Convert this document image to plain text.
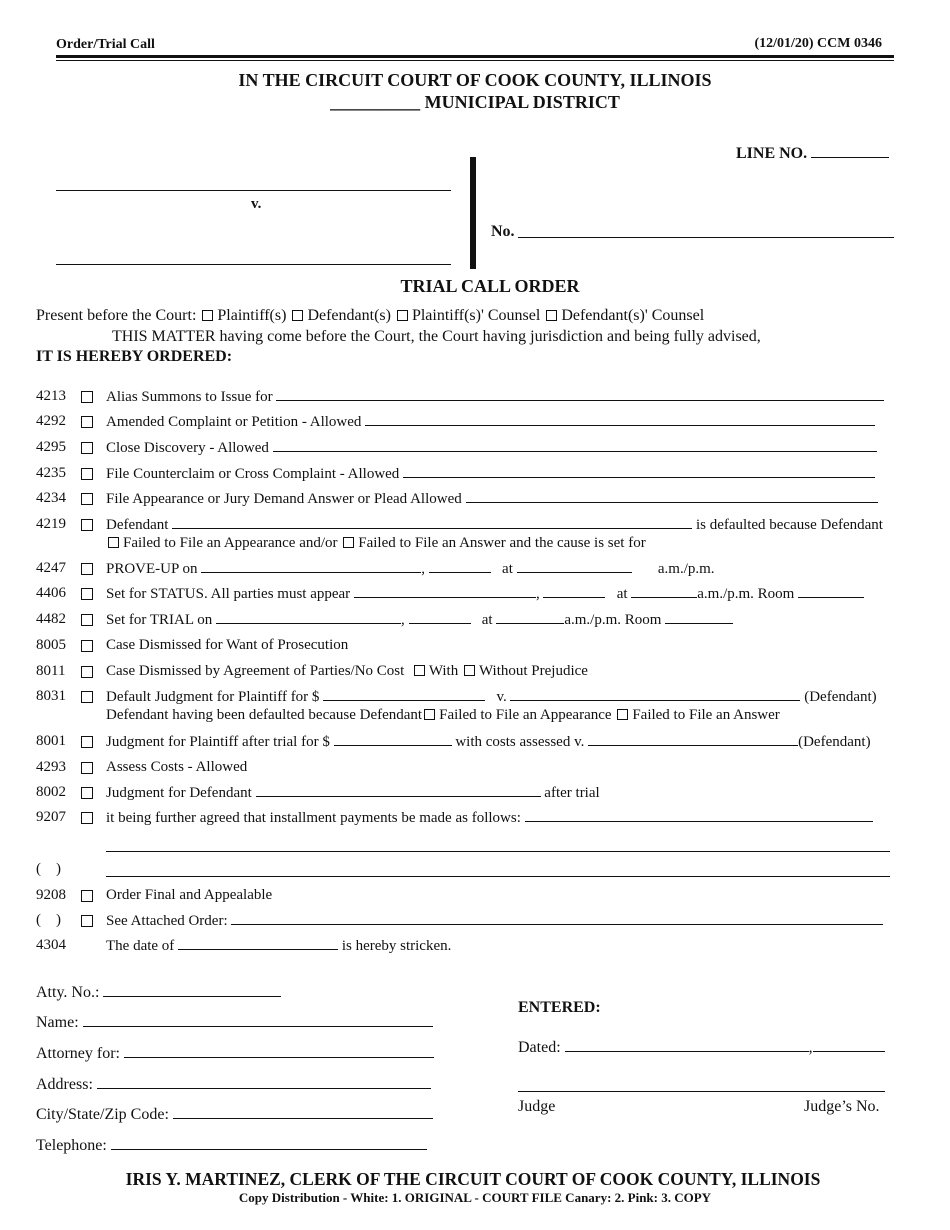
Order/Trial Call	(12/01/20) CCM 0346
IN THE CIRCUIT COURT OF COOK COUNTY, ILLINOIS
__________ MUNICIPAL DISTRICT
LINE NO.
v.
No.
TRIAL CALL ORDER
Present before the Court: Plaintiff(s) Defendant(s) Plaintiff(s)' Counsel Defendant(s)' Counsel
THIS MATTER having come before the Court, the Court having jurisdiction and being fully advised,
IT IS HEREBY ORDERED:
4213	Alias Summons to Issue for
4292	Amended Complaint or Petition - Allowed
4295	Close Discovery - Allowed
4235	File Counterclaim or Cross Complaint - Allowed
4234	File Appearance or Jury Demand Answer or Plead Allowed
4219	Defendant	is defaulted because Defendant
Failed to File an Appearance and/or Failed to File an Answer and the cause is set for
4247	PROVE-UP on	,	at	a.m./p.m.
4406	Set for STATUS. All parties must appear	,	at	a.m./p.m. Room
4482	Set for TRIAL on	,	at	a.m./p.m. Room
8005	Case Dismissed for Want of Prosecution
8011	Case Dismissed by Agreement of Parties/No Cost With Without Prejudice
8031	Default Judgment for Plaintiff for $	v.	(Defendant)
Defendant having been defaulted because Defendant Failed to File an Appearance Failed to File an Answer
8001	Judgment for Plaintiff after trial for $	with costs assessed v.	(Defendant)
4293	Assess Costs - Allowed
8002	Judgment for Defendant	after trial
9207	it being further agreed that installment payments be made as follows:
(    )
9208	Order Final and Appealable
(    )	See Attached Order:
4304	The date of	is hereby stricken.
Atty. No.:
Name:
Attorney for:
Address:
City/State/Zip Code:
Telephone:
ENTERED:
Dated:	,
Judge	Judge’s No.
IRIS Y. MARTINEZ, CLERK OF THE CIRCUIT COURT OF COOK COUNTY, ILLINOIS
Copy Distribution - White: 1. ORIGINAL - COURT FILE Canary: 2. Pink: 3. COPY
